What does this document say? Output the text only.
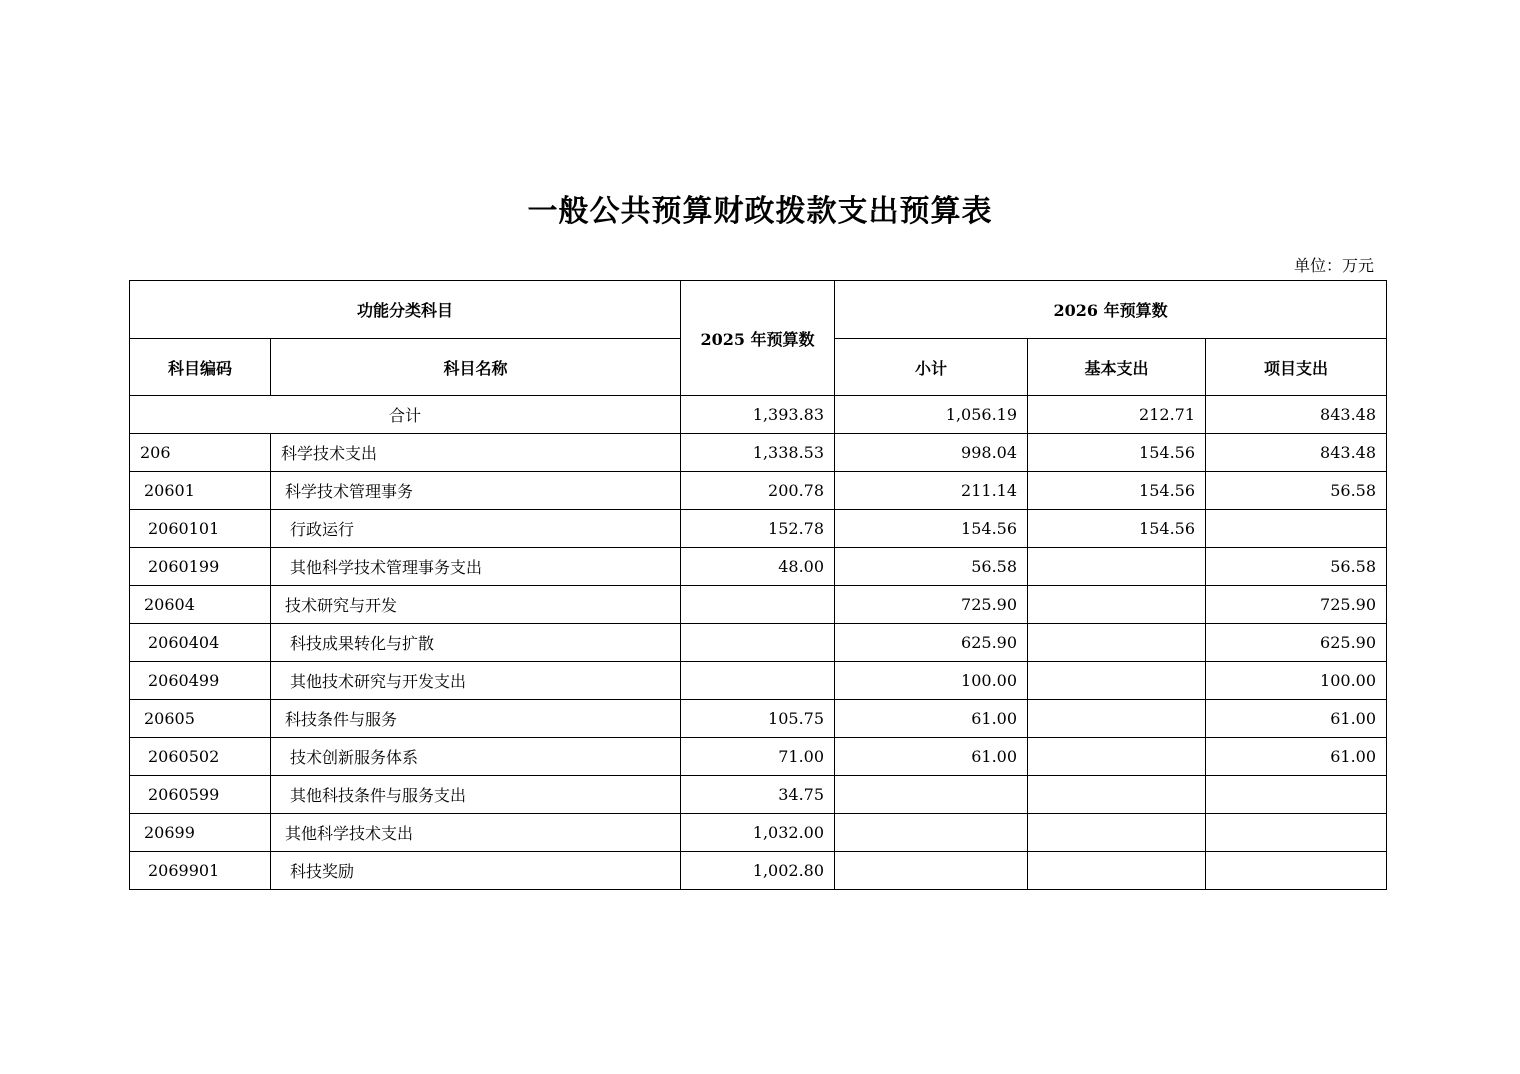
一般公共预算财政拨款支出预算表
单位：万元
功能分类科目		2025 年预算数	2026 年预算数		
科目编码	科目名称		小计	基本支出	项目支出
合计		1,393.83	1,056.19	212.71	843.48
206	科学技术支出	1,338.53	998.04	154.56	843.48
20601	科学技术管理事务	200.78	211.14	154.56	56.58
2060101	行政运行	152.78	154.56	154.56	
2060199	其他科学技术管理事务支出	48.00	56.58		56.58
20604	技术研究与开发		725.90		725.90
2060404	科技成果转化与扩散		625.90		625.90
2060499	其他技术研究与开发支出		100.00		100.00
20605	科技条件与服务	105.75	61.00		61.00
2060502	技术创新服务体系	71.00	61.00		61.00
2060599	其他科技条件与服务支出	34.75			
20699	其他科学技术支出	1,032.00			
2069901	科技奖励	1,002.80			
